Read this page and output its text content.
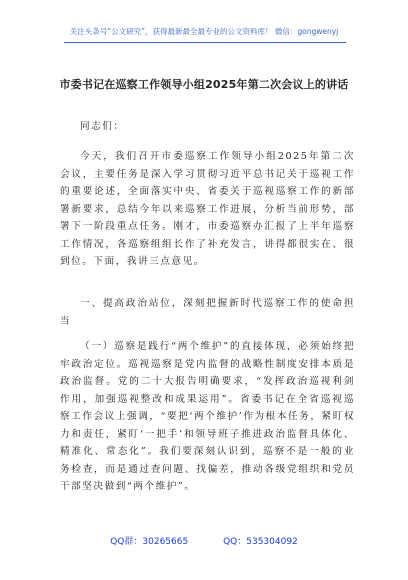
关注头条号“公文研究”，获得最新最全最专业的公文资料库！ 微信：gongwenyj
市委书记在巡察工作领导小组2025年第二次会议上的讲话
同志们：
今天，我们召开市委巡察工作领导小组2025年第二次会议，主要任务是深入学习贯彻习近平总书记关于巡视工作的重要论述，全面落实中央、省委关于巡视巡察工作的新部署新要求，总结今年以来巡察工作进展，分析当前形势，部署下一阶段重点任务。刚才，市委巡察办汇报了上半年巡察工作情况，各巡察组组长作了补充发言，讲得都很实在、很到位。下面，我讲三点意见。
一、提高政治站位，深刻把握新时代巡察工作的使命担当
（一）巡察是践行“两个维护”的直接体现，必须始终把牢政治定位。巡视巡察是党内监督的战略性制度安排本质是政治监督。党的二十大报告明确要求，“发挥政治巡视利剑作用，加强巡视整改和成果运用”。省委书记在全省巡视巡察工作会议上强调，“要把‘两个维护’作为根本任务，紧盯权力和责任，紧盯‘一把手’和领导班子推进政治监督具体化、精准化、常态化”。我们要深刻认识到，巡察不是一般的业务检查，而是通过查问题、找偏差，推动各级党组织和党员干部坚决做到“两个维护”。
QQ群：30265665	QQ：535304092
